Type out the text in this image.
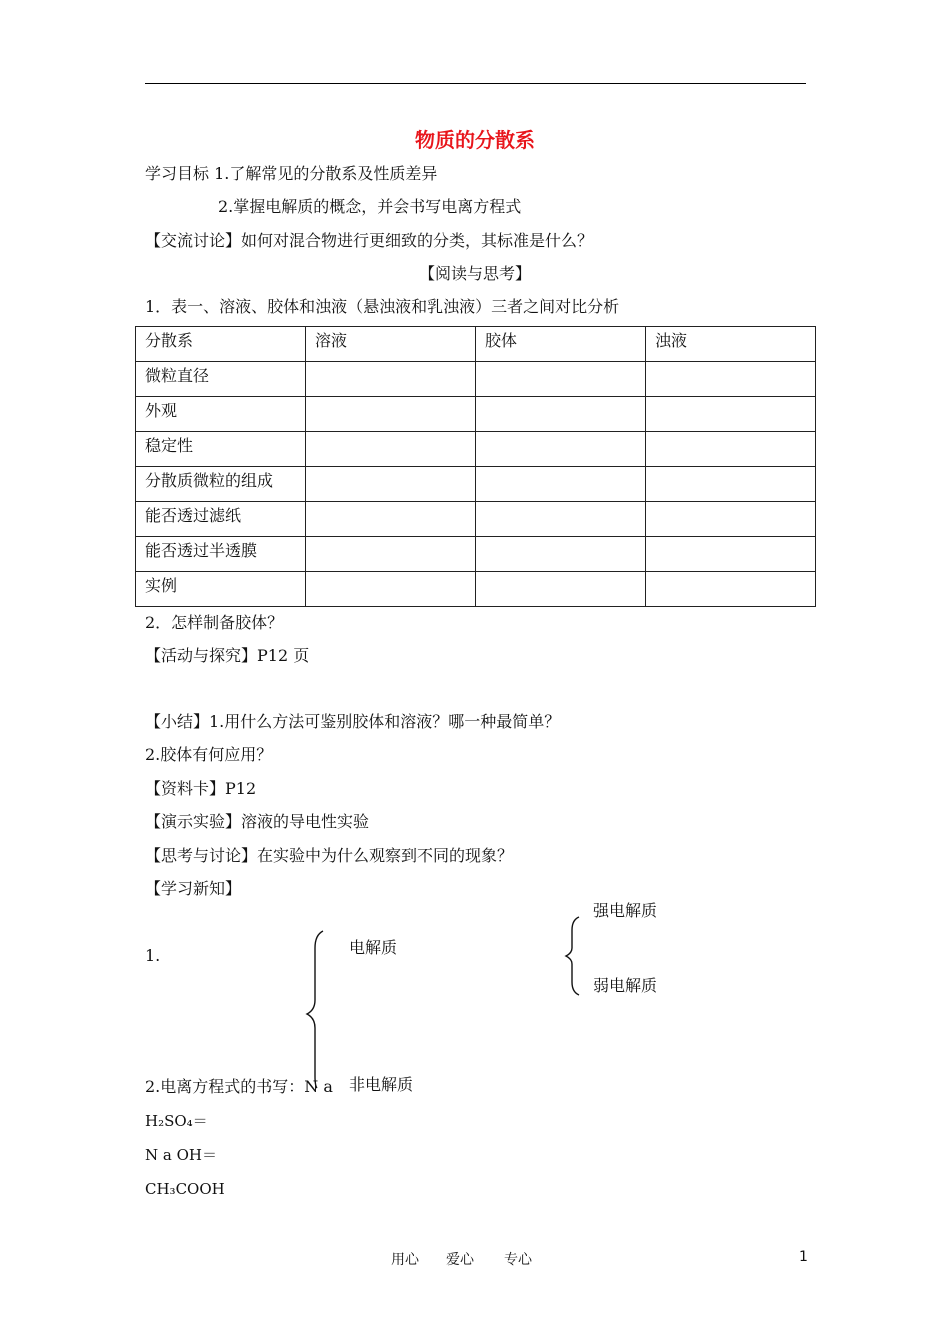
物质的分散系
学习目标 1.了解常见的分散系及性质差异
2.掌握电解质的概念，并会书写电离方程式
【交流讨论】如何对混合物进行更细致的分类，其标准是什么？
【阅读与思考】
1．表一、溶液、胶体和浊液（悬浊液和乳浊液）三者之间对比分析
分散系	溶液	胶体	浊液
微粒直径			
外观			
稳定性			
分散质微粒的组成			
能否透过滤纸			
能否透过半透膜			
实例			
2．怎样制备胶体？
【活动与探究】P12 页
【小结】1.用什么方法可鉴别胶体和溶液？哪一种最简单？
2.胶体有何应用？
【资料卡】P12
【演示实验】溶液的导电性实验
【思考与讨论】在实验中为什么观察到不同的现象？
【学习新知】
1.	电解质
强电解质
弱电解质
2.电离方程式的书写：N a 非电解质
H₂SO₄＝
N a OH＝
CH₃COOH
用心 爱心 专心	1
